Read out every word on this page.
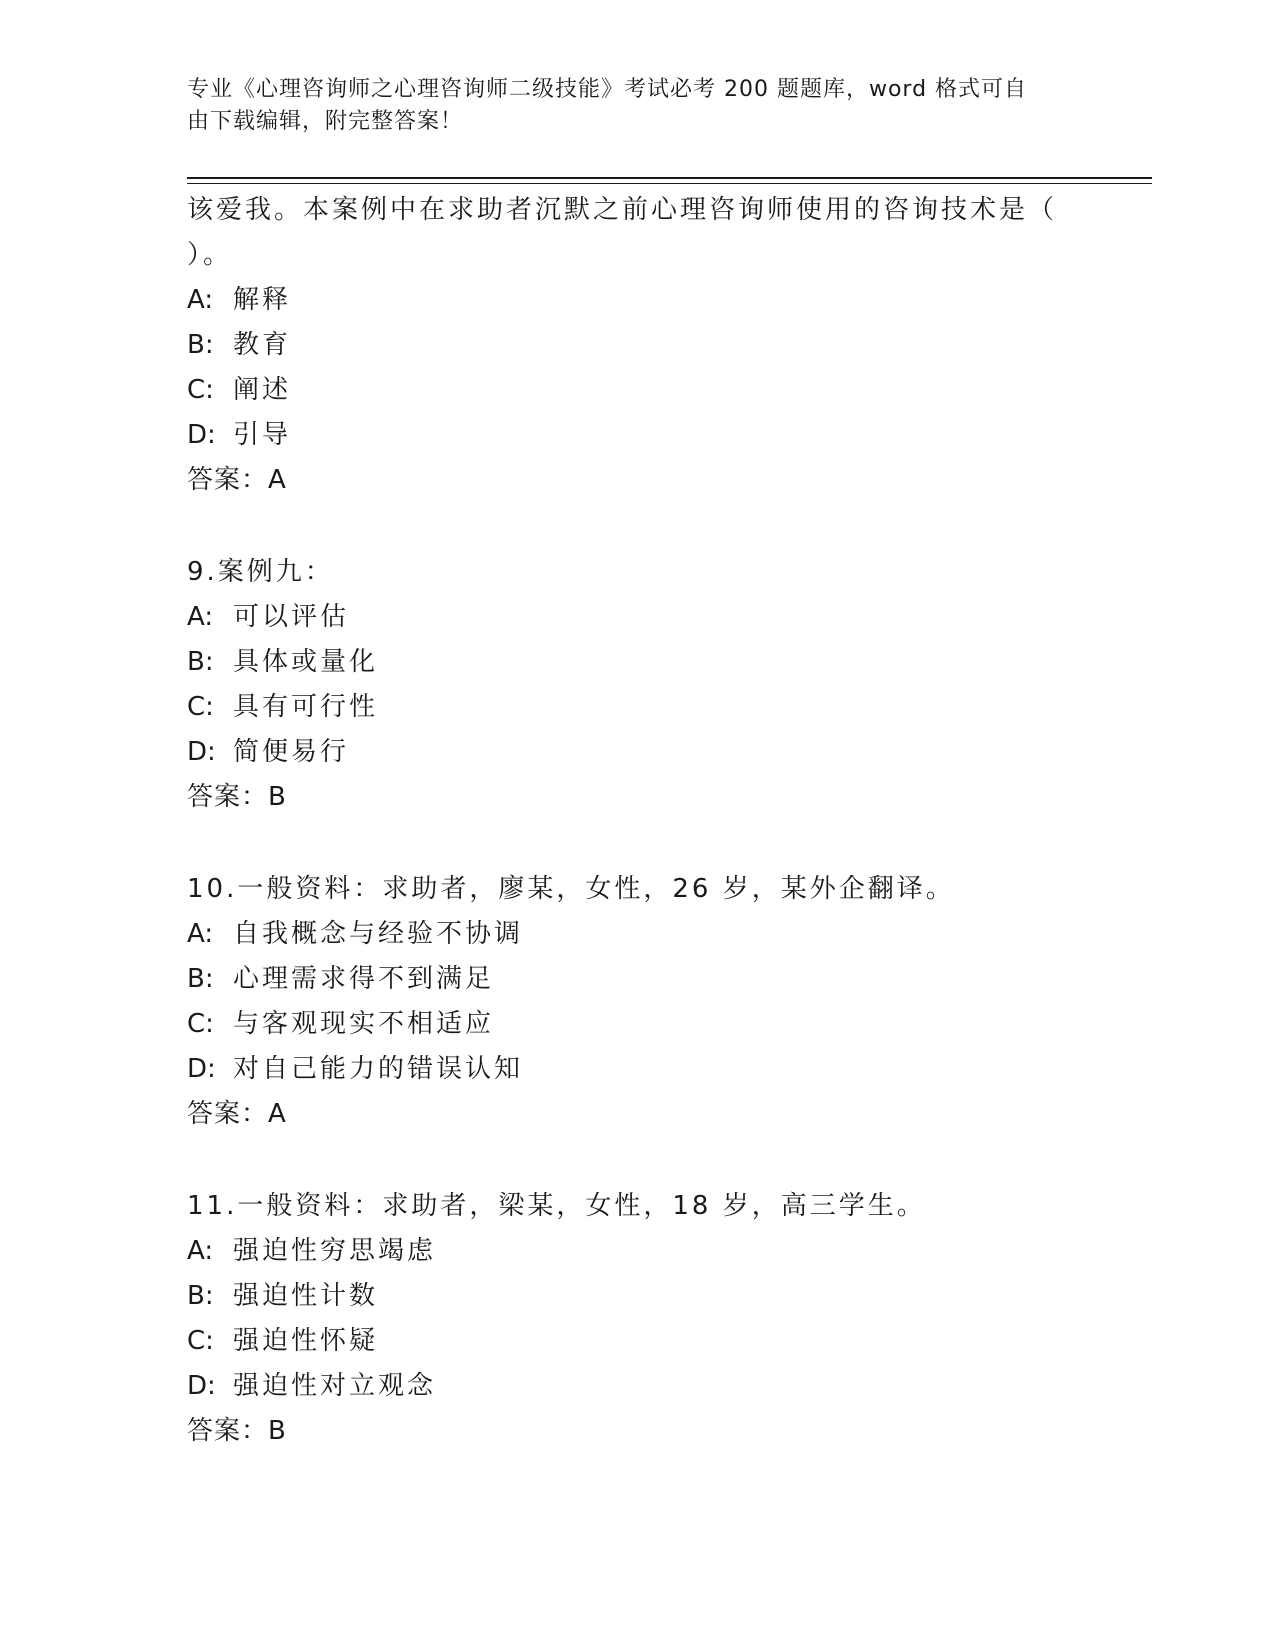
专业《心理咨询师之心理咨询师二级技能》考试必考 200 题题库，word 格式可自
由下载编辑，附完整答案！
该爱我。本案例中在求助者沉默之前心理咨询师使用的咨询技术是（
）。
A: 解释
B: 教育
C: 阐述
D: 引导
答案：A
9.案例九：
A: 可以评估
B: 具体或量化
C: 具有可行性
D: 简便易行
答案：B
10.一般资料：求助者，廖某，女性，26 岁，某外企翻译。
A: 自我概念与经验不协调
B: 心理需求得不到满足
C: 与客观现实不相适应
D: 对自己能力的错误认知
答案：A
11.一般资料：求助者，梁某，女性，18 岁，高三学生。
A: 强迫性穷思竭虑
B: 强迫性计数
C: 强迫性怀疑
D: 强迫性对立观念
答案：B
